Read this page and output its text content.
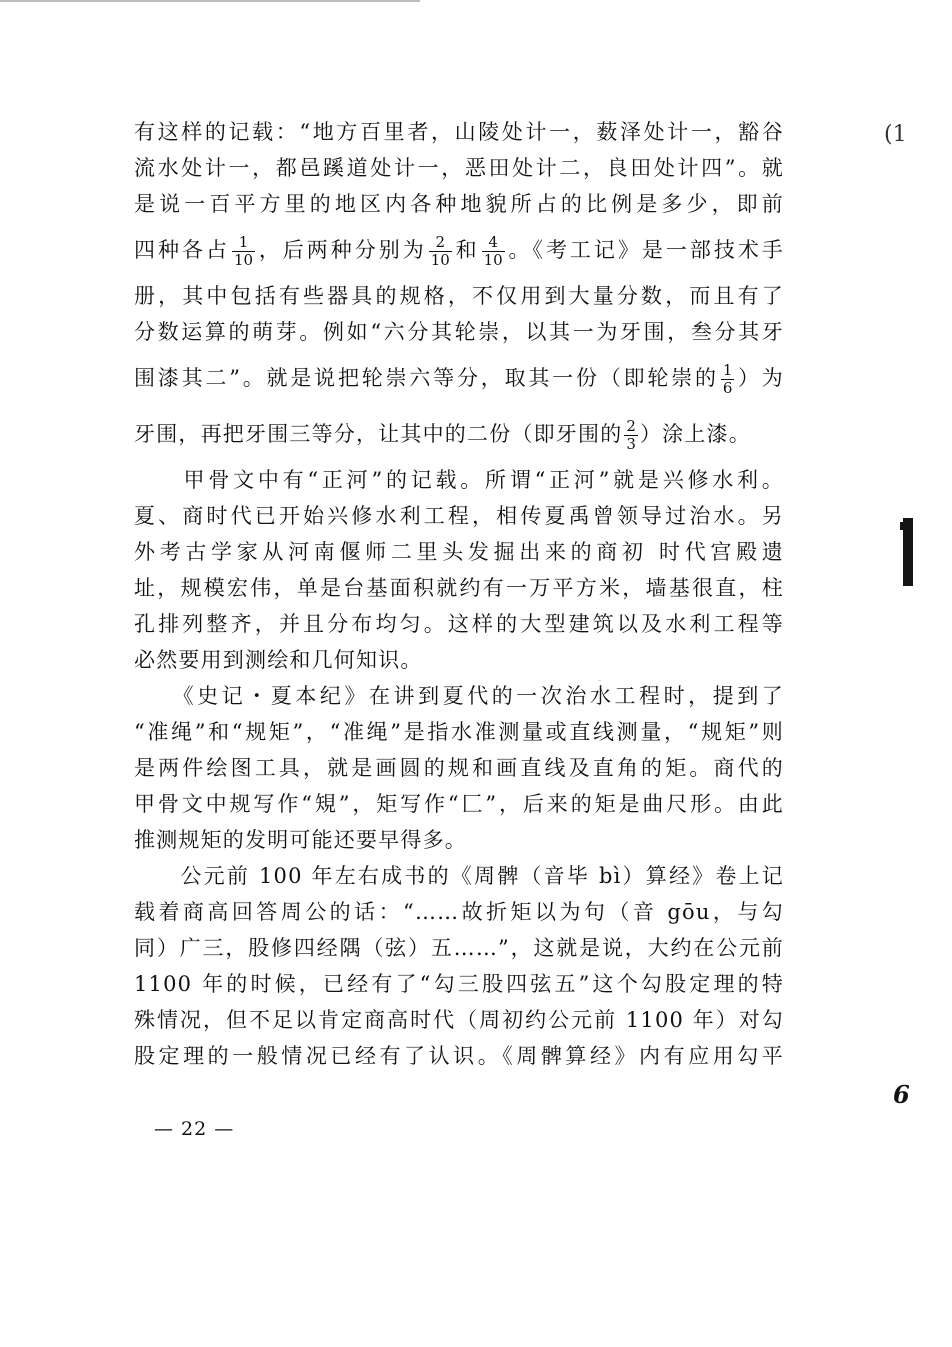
有这样的记载：“地方百里者，山陵处计一，薮泽处计一，豁谷
流水处计一，都邑蹊道处计一，恶田处计二，良田处计四”。就
是说一百平方里的地区内各种地貌所占的比例是多少，即前
四种各占 $\frac{1}{10}$ ，后两种分别为 $\frac{2}{10}$ 和 $\frac{4}{10}$ 。《考工记》是一部技术手
册，其中包括有些器具的规格，不仅用到大量分数，而且有了
分数运算的萌芽。例如“六分其轮崇，以其一为牙围，叁分其牙
围漆其二”。就是说把轮崇六等分，取其一份（即轮崇的 $\frac{1}{6}$ ）为
牙围，再把牙围三等分，让其中的二份（即牙围的 $\frac{2}{3}$ ）涂上漆。
　　甲骨文中有“正河”的记载。所谓“正河”就是兴修水利。
夏、商时代已开始兴修水利工程，相传夏禹曾领导过治水。另
外考古学家从河南偃师二里头发掘出来的商初 时代宫殿遗
址，规模宏伟，单是台基面积就约有一万平方米，墙基很直，柱
孔排列整齐，并且分布均匀。这样的大型建筑以及水利工程等
必然要用到测绘和几何知识。
　　《史记・夏本纪》在讲到夏代的一次治水工程时，提到了
“准绳”和“规矩”，“准绳”是指水准测量或直线测量，“规矩”则
是两件绘图工具，就是画圆的规和画直线及直角的矩。商代的
甲骨文中规写作“䂓”，矩写作“匚”，后来的矩是曲尺形。由此
推测规矩的发明可能还要早得多。
　　公元前 100 年左右成书的《周髀（音毕 bì）算经》卷上记
载着商高回答周公的话：“……故折矩以为句（音 gōu，与勾
同）广三，股修四经隅（弦）五……”，这就是说，大约在公元前
1100 年的时候，已经有了“勾三股四弦五”这个勾股定理的特
殊情况，但不足以肯定商高时代（周初约公元前 1100 年）对勾
股定理的一般情况已经有了认识。《周髀算经》内有应用勾平
— 22 —
(1
6
